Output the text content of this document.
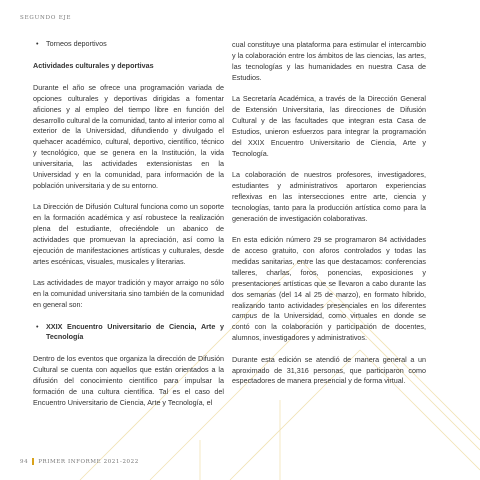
SEGUNDO EJE
• Torneos deportivos
Actividades culturales y deportivas

Durante el año se ofrece una programación variada de opciones culturales y deportivas dirigidas a fomentar aficiones y al empleo del tiempo libre en función del desarrollo cultural de la comunidad, tanto al interior como al exterior de la Universidad, difundiendo y divulgado el quehacer académico, cultural, deportivo, científico, técnico y tecnológico, que se genera en la Institución, la vida universitaria, las actividades extensionistas en la Universidad y en la comunidad, para información de la población universitaria y de su entorno.

La Dirección de Difusión Cultural funciona como un soporte en la formación académica y así robustece la realización plena del estudiante, ofreciéndole un abanico de actividades que promuevan la apreciación, así como la ejecución de manifestaciones artísticas y culturales, desde artes escénicas, visuales, musicales y literarias.

Las actividades de mayor tradición y mayor arraigo no sólo en la comunidad universitaria sino también de la comunidad en general son:

• XXIX Encuentro Universitario de Ciencia, Arte y Tecnología

Dentro de los eventos que organiza la dirección de Difusión Cultural se cuenta con aquellos que están orientados a la difusión del conocimiento científico para impulsar la formación de una cultura científica. Tal es el caso del Encuentro Universitario de Ciencia, Arte y Tecnología, el

cual constituye una plataforma para estimular el intercambio y la colaboración entre los ámbitos de las ciencias, las artes, las tecnologías y las humanidades en nuestra Casa de Estudios.

La Secretaría Académica, a través de la Dirección General de Extensión Universitaria, las direcciones de Difusión Cultural y de las facultades que integran esta Casa de Estudios, unieron esfuerzos para integrar la programación del XXIX Encuentro Universitario de Ciencia, Arte y Tecnología.

La colaboración de nuestros profesores, investigadores, estudiantes y administrativos aportaron experiencias reflexivas en las intersecciones entre arte, ciencia y tecnologías, tanto para la producción artística como para la generación de investigación colaborativas.

En esta edición número 29 se programaron 84 actividades de acceso gratuito, con aforos controlados y todas las medidas sanitarias, entre las que destacamos: conferencias talleres, charlas, foros, ponencias, exposiciones y presentaciones artísticas que se llevaron a cabo durante las dos semanas (del 14 al 25 de marzo), en formato híbrido, realizando tanto actividades presenciales en los diferentes campus de la Universidad, como virtuales en donde se contó con la colaboración y participación de docentes, alumnos, investigadores y administrativos.

Durante esta edición se atendió de manera general a un aproximado de 31,316 personas, que participaron como espectadores de manera presencial y de forma virtual.

94 PRIMER INFORME 2021-2022
